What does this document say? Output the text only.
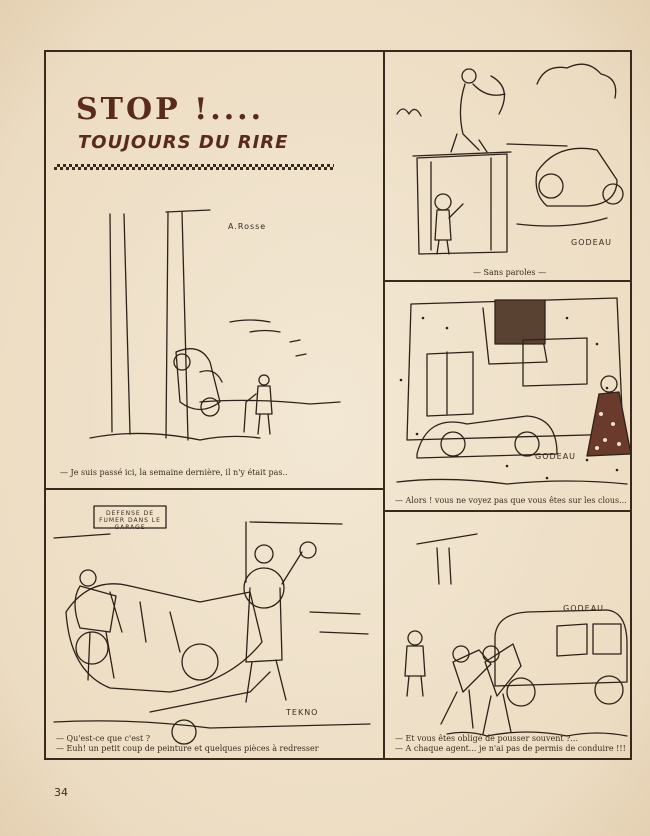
STOP !....
TOUJOURS DU RIRE
A.Rosse
— Je suis passé ici, la semaine dernière, il n'y était pas..
GODEAU
— Sans paroles —
GODEAU
— Alors ! vous ne voyez pas que vous êtes sur les clous...
DEFENSE DE FUMER DANS LE GARAGE
TEKNO
— Qu'est-ce que c'est ?
— Euh! un petit coup de peinture et quelques pièces à redresser
GODEAU
— Et vous êtes obligé de pousser souvent ?...
— A chaque agent... je n'ai pas de permis de conduire !!!
34
